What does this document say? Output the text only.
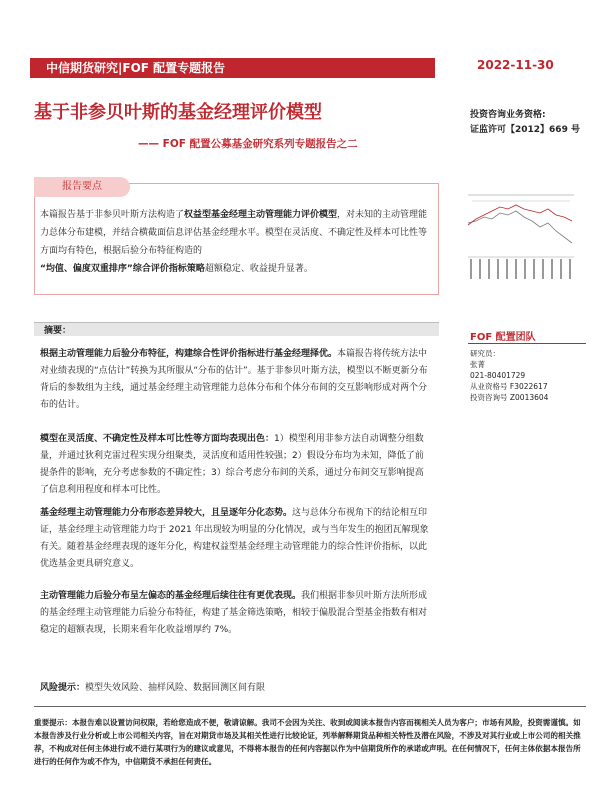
中信期货研究|FOF 配置专题报告	2022-11-30
基于非参贝叶斯的基金经理评价模型
—— FOF 配置公募基金研究系列专题报告之二
投资咨询业务资格:
证监许可【2012】669 号
报告要点
本篇报告基于非参贝叶斯方法构造了权益型基金经理主动管理能力评价模型，对未知的主动管理能力总体分布建模，并结合横截面信息评估基金经理水平。模型在灵活度、不确定性及样本可比性等方面均有特色，根据后验分布特征构造的
“均值、偏度双重排序”综合评价指标策略超额稳定、收益提升显著。
摘要：
根据主动管理能力后验分布特征，构建综合性评价指标进行基金经理择优。本篇报告将传统方法中对业绩表现的“点估计”转换为其所服从“分布的估计”。基于非参贝叶斯方法，模型以不断更新分布背后的参数组为主线，通过基金经理主动管理能力总体分布和个体分布间的交互影响形成对两个分布的估计。
模型在灵活度、不确定性及样本可比性等方面均表现出色：1）模型利用非参方法自动调整分组数量，并通过狄利克雷过程实现分组聚类，灵活度和适用性较强；2）假设分布均为未知，降低了前提条件的影响，充分考虑参数的不确定性；3）综合考虑分布间的关系，通过分布间交互影响提高了信息利用程度和样本可比性。
基金经理主动管理能力分布形态差异较大，且呈逐年分化态势。这与总体分布视角下的结论相互印证，基金经理主动管理能力均于 2021 年出现较为明显的分化情况，或与当年发生的抱团瓦解现象有关。随着基金经理表现的逐年分化，构建权益型基金经理主动管理能力的综合性评价指标，以此优选基金更具研究意义。
主动管理能力后验分布呈左偏态的基金经理后续往往有更优表现。我们根据非参贝叶斯方法所形成的基金经理主动管理能力后验分布特征，构建了基金筛选策略，相较于偏股混合型基金指数有相对稳定的超额表现，长期来看年化收益增厚约 7%。
风险提示：模型失效风险、抽样风险、数据回测区间有限
FOF 配置团队
研究员：
张菁
021-80401729
从业资格号 F3022617
投资咨询号 Z0013604
重要提示：本报告难以设置访问权限，若给您造成不便，敬请谅解。我司不会因为关注、收到或阅读本报告内容而视相关人员为客户；市场有风险，投资需谨慎。如本报告涉及行业分析或上市公司相关内容，旨在对期货市场及其相关性进行比较论证，列举解释期货品种相关特性及潜在风险，不涉及对其行业或上市公司的相关推荐，不构成对任何主体进行或不进行某项行为的建议或意见，不得将本报告的任何内容据以作为中信期货所作的承诺或声明。在任何情况下，任何主体依据本报告所进行的任何作为或不作为，中信期货不承担任何责任。
